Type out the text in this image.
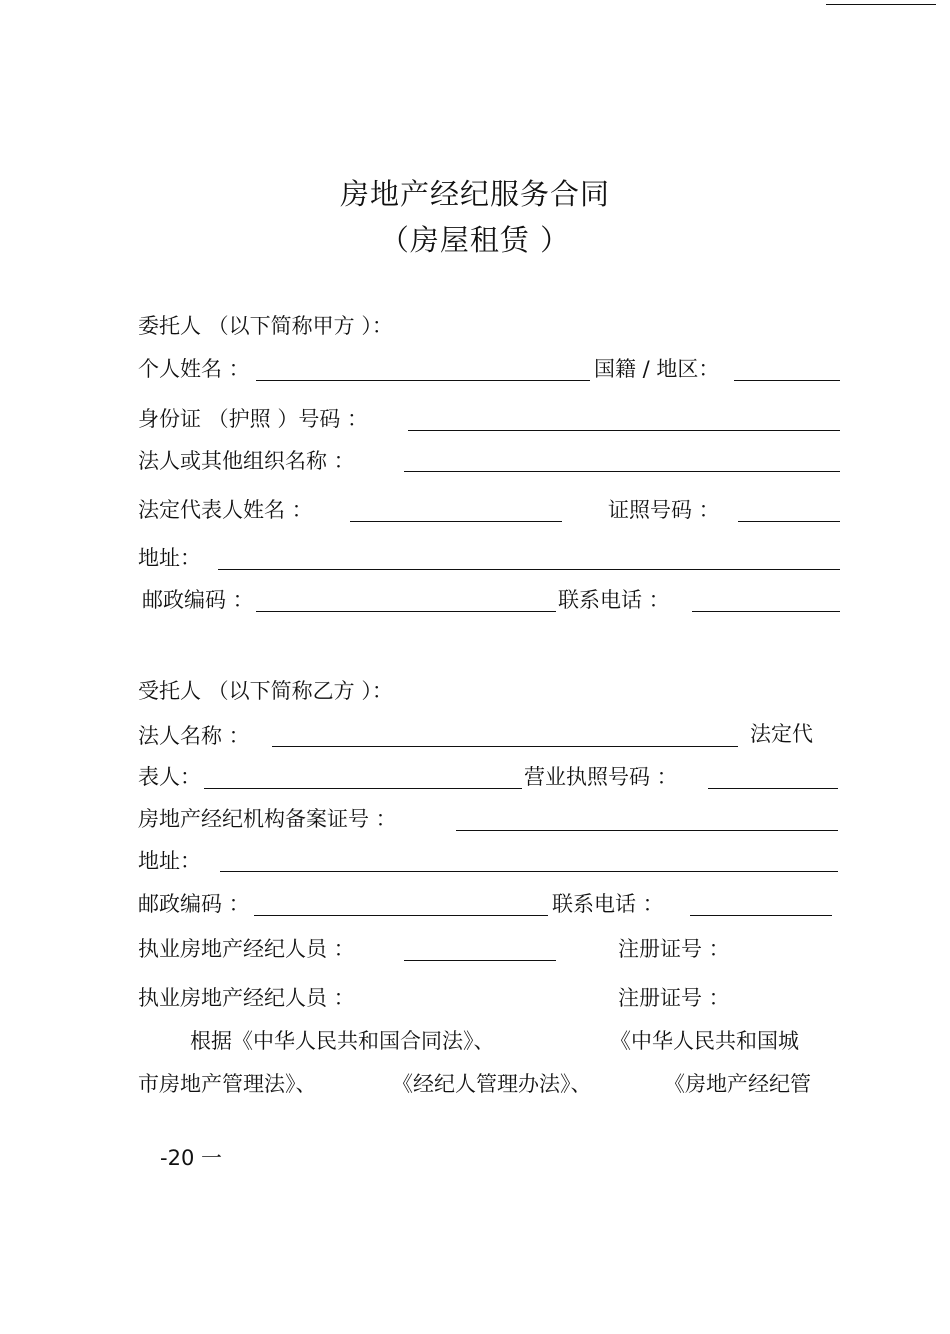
房地产经纪服务合同
（房屋租赁 ）
委托人 （以下简称甲方 ）：
个人姓名 ：	国籍 / 地区：
身份证 （护照 ）号码 ：
法人或其他组织名称 ：
法定代表人姓名 ：	证照号码 ：
地址：
邮政编码 ：	联系电话 ：
受托人 （以下简称乙方 ）：
法人名称 ：	法定代
表人：	营业执照号码 ：
房地产经纪机构备案证号 ：
地址：
邮政编码 ：	联系电话 ：
执业房地产经纪人员 ：	注册证号 ：
执业房地产经纪人员 ：	注册证号 ：
根据《中华人民共和国合同法》、	《中华人民共和国城
市房地产管理法》、	《经纪人管理办法》、	《房地产经纪管
-20 一
